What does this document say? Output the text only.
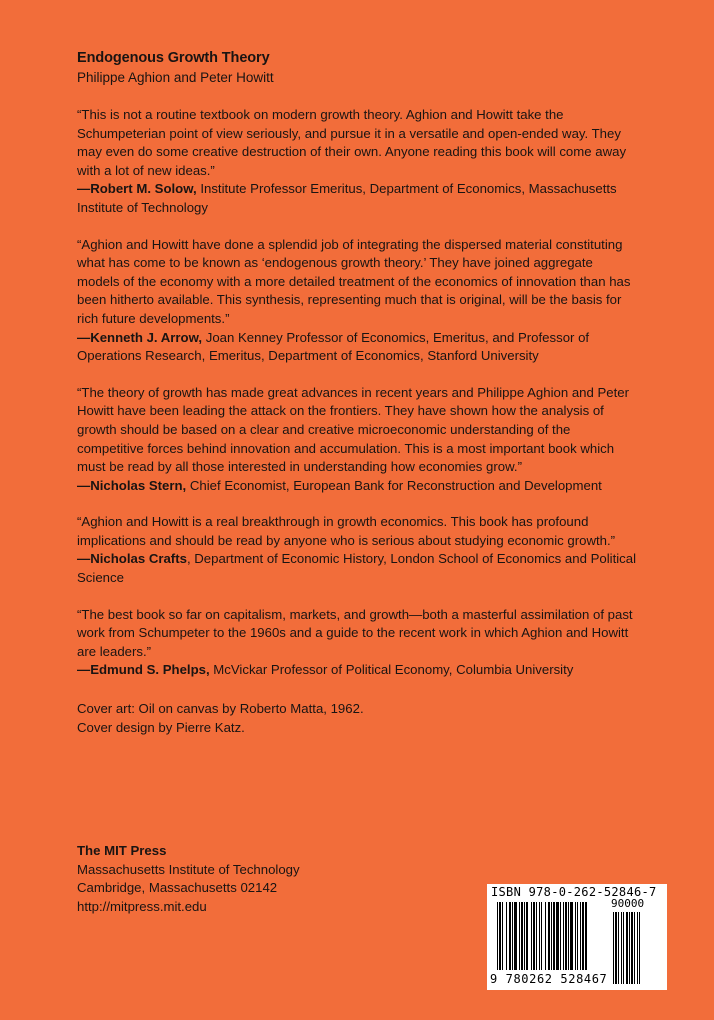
Endogenous Growth Theory

Philippe Aghion and Peter Howitt

“This is not a routine textbook on modern growth theory. Aghion and Howitt take the Schumpeterian point of view seriously, and pursue it in a versatile and open-ended way. They may even do some creative destruction of their own. Anyone reading this book will come away with a lot of new ideas.”

—Robert M. Solow, Institute Professor Emeritus, Department of Economics, Massachusetts Institute of Technology

“Aghion and Howitt have done a splendid job of integrating the dispersed material constituting what has come to be known as ‘endogenous growth theory.’ They have joined aggregate models of the economy with a more detailed treatment of the economics of innovation than has been hitherto available. This synthesis, representing much that is original, will be the basis for rich future developments.”

—Kenneth J. Arrow, Joan Kenney Professor of Economics, Emeritus, and Professor of Operations Research, Emeritus, Department of Economics, Stanford University

“The theory of growth has made great advances in recent years and Philippe Aghion and Peter Howitt have been leading the attack on the frontiers. They have shown how the analysis of growth should be based on a clear and creative microeconomic understanding of the competitive forces behind innovation and accumulation. This is a most important book which must be read by all those interested in understanding how economies grow.”

—Nicholas Stern, Chief Economist, European Bank for Reconstruction and Development

“Aghion and Howitt is a real breakthrough in growth economics. This book has profound implications and should be read by anyone who is serious about studying economic growth.”

—Nicholas Crafts, Department of Economic History, London School of Economics and Political Science

“The best book so far on capitalism, markets, and growth—both a masterful assimilation of past work from Schumpeter to the 1960s and a guide to the recent work in which Aghion and Howitt are leaders.”

—Edmund S. Phelps, McVickar Professor of Political Economy, Columbia University

Cover art: Oil on canvas by Roberto Matta, 1962.

Cover design by Pierre Katz.

The MIT Press

Massachusetts Institute of Technology

Cambridge, Massachusetts 02142

http://mitpress.mit.edu

ISBN 978-0-262-52846-7
90000
9 780262 528467
